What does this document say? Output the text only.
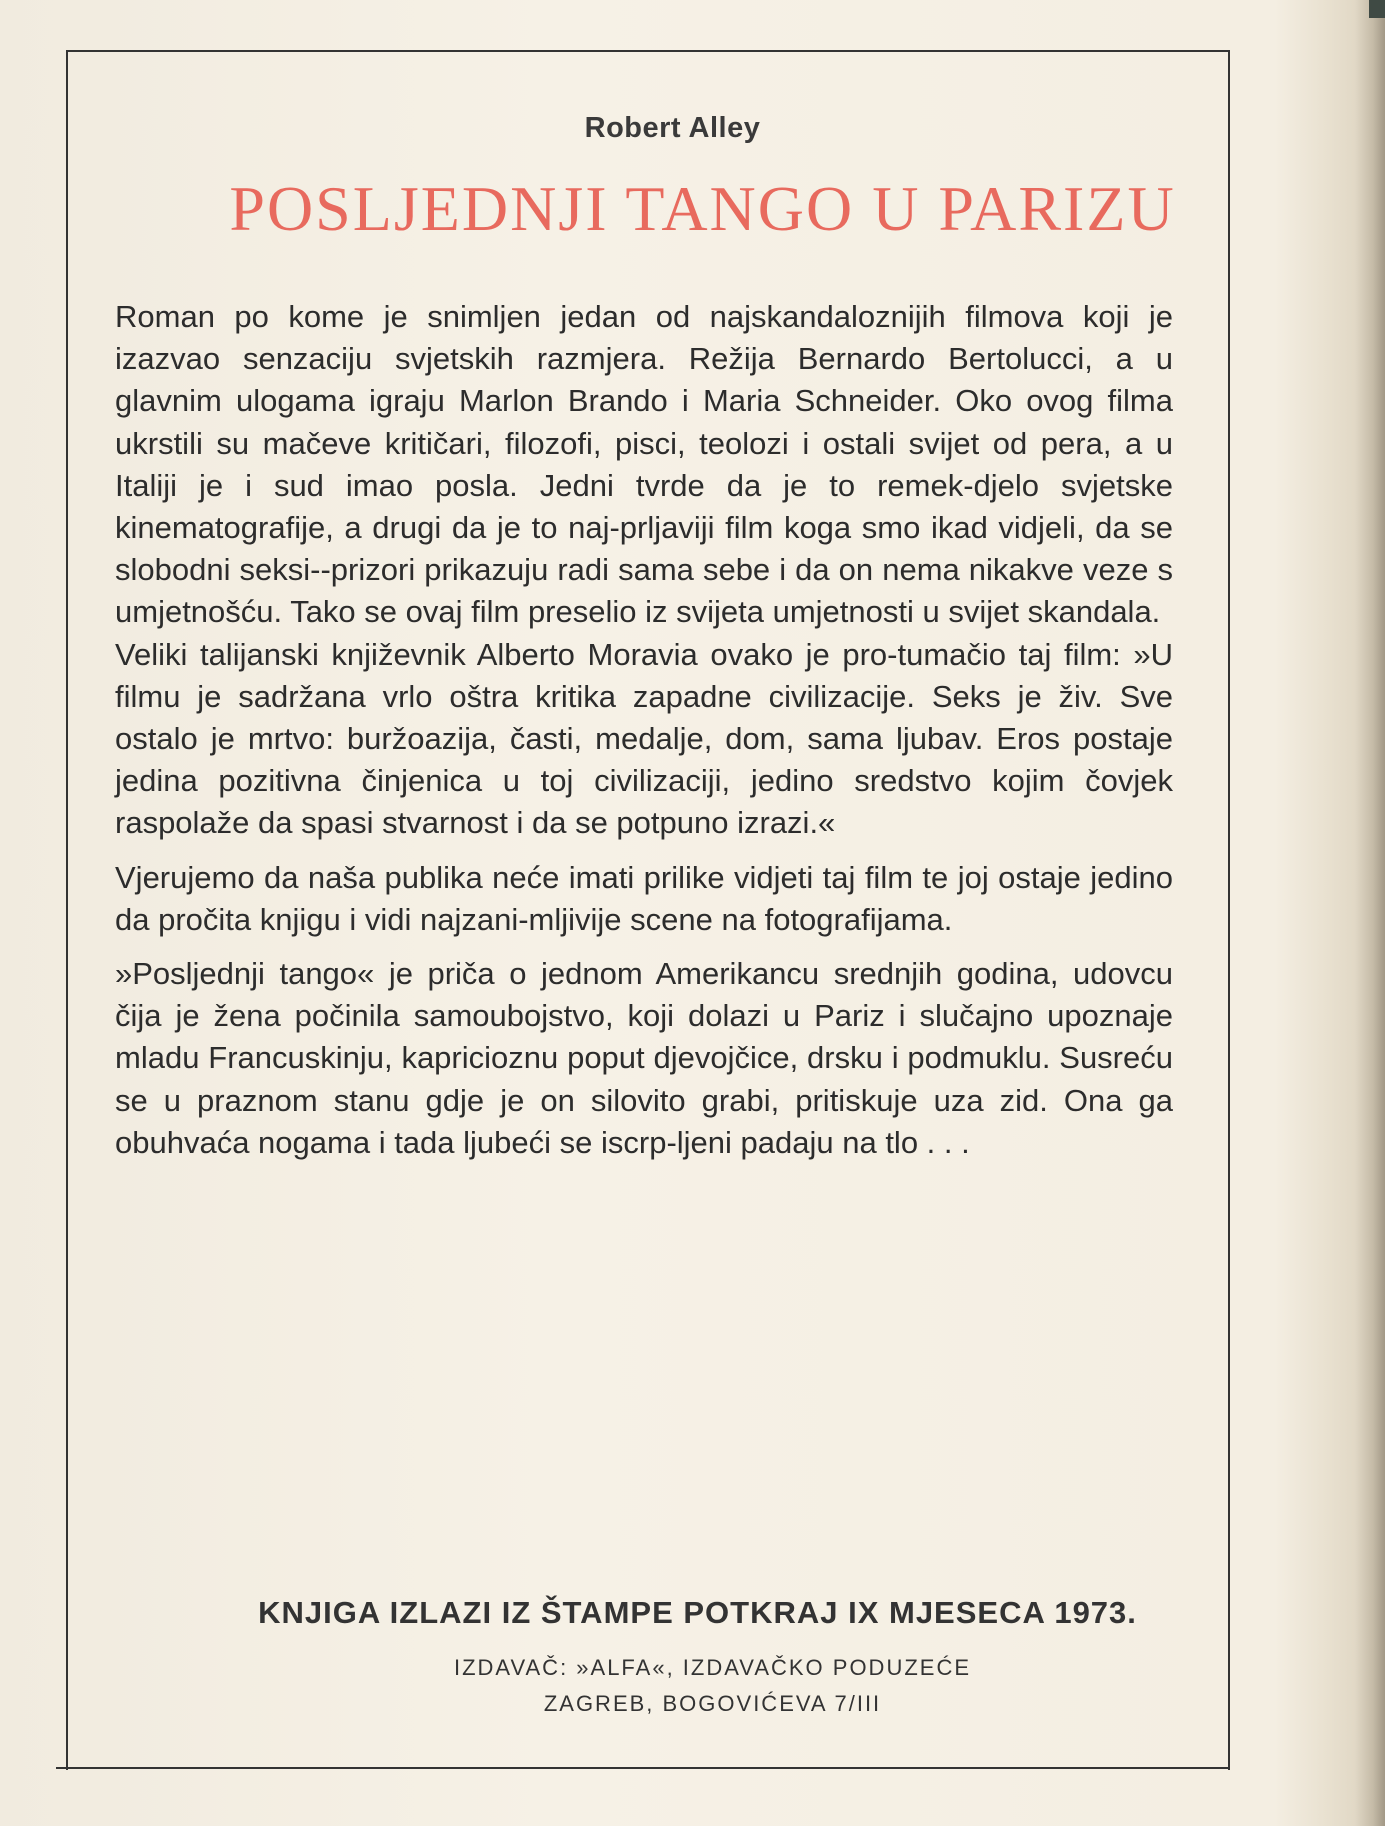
Robert Alley
POSLJEDNJI TANGO U PARIZU

Roman po kome je snimljen jedan od najskandaloznijih filmova koji je izazvao senzaciju svjetskih razmjera. Režija Bernardo Bertolucci, a u glavnim ulogama igraju Marlon Brando i Maria Schneider. Oko ovog filma ukrstili su mačeve kritičari, filozofi, pisci, teolozi i ostali svijet od pera, a u Italiji je i sud imao posla. Jedni tvrde da je to remek-djelo svjetske kinematografije, a drugi da je to naj-prljaviji film koga smo ikad vidjeli, da se slobodni seksi--prizori prikazuju radi sama sebe i da on nema nikakve veze s umjetnošću. Tako se ovaj film preselio iz svijeta umjetnosti u svijet skandala.

Veliki talijanski književnik Alberto Moravia ovako je pro-tumačio taj film: »U filmu je sadržana vrlo oštra kritika zapadne civilizacije. Seks je živ. Sve ostalo je mrtvo: buržoazija, časti, medalje, dom, sama ljubav. Eros postaje jedina pozitivna činjenica u toj civilizaciji, jedino sredstvo kojim čovjek raspolaže da spasi stvarnost i da se potpuno izrazi.«

Vjerujemo da naša publika neće imati prilike vidjeti taj film te joj ostaje jedino da pročita knjigu i vidi najzani-mljivije scene na fotografijama.

»Posljednji tango« je priča o jednom Amerikancu srednjih godina, udovcu čija je žena počinila samoubojstvo, koji dolazi u Pariz i slučajno upoznaje mladu Francuskinju, kapricioznu poput djevojčice, drsku i podmuklu. Susreću se u praznom stanu gdje je on silovito grabi, pritiskuje uza zid. Ona ga obuhvaća nogama i tada ljubeći se iscrp-ljeni padaju na tlo . . .

KNJIGA IZLAZI IZ ŠTAMPE POTKRAJ IX MJESECA 1973.
IZDAVAČ: »ALFA«, IZDAVAČKO PODUZEĆE
ZAGREB, BOGOVIĆEVA 7/III
